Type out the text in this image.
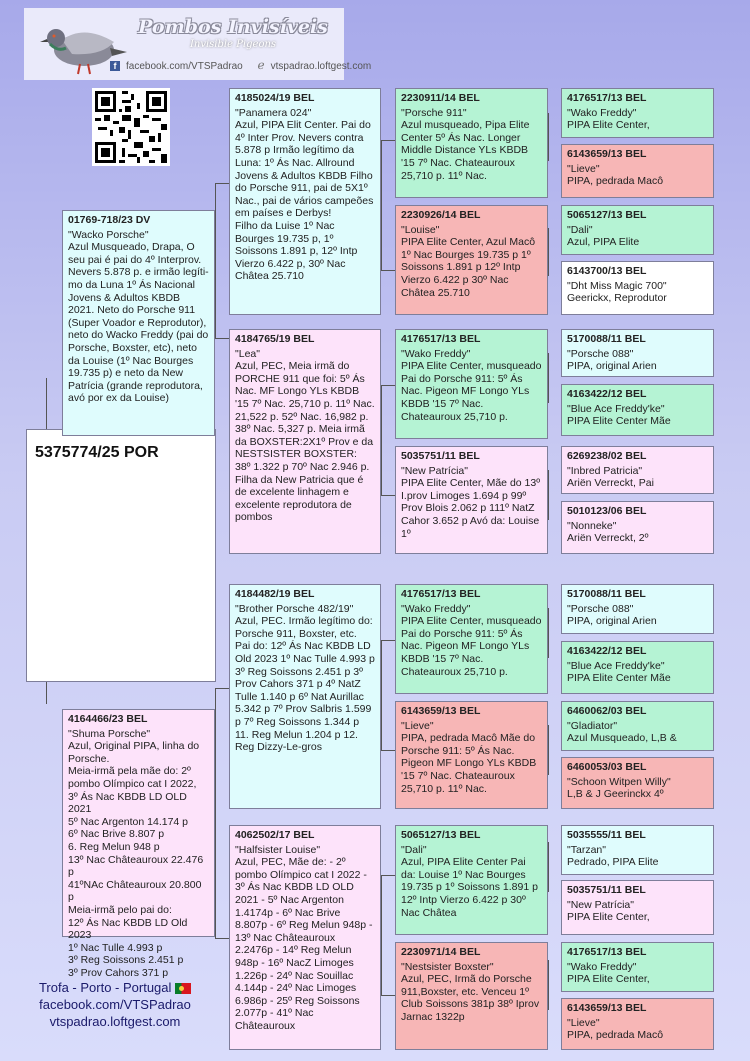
Pombos Invisíveis
Invisible Pigeons
f facebook.com/VTSPadrao ℯ vtspadrao.loftgest.com
5375774/25 POR
01769-718/23 DV
"Wacko Porsche"
Azul Musqueado, Drapa, O seu pai é pai do 4º Interprov. Nevers 5.878 p. e irmão legíti-mo da Luna 1º Ás Nacional Jovens & Adultos KBDB 2021. Neto do Porsche 911 (Super Voador e Reprodutor), neto do Wacko Freddy (pai do Porsche, Boxster, etc), neto da Louise (1º Nac Bourges 19.735 p) e neto da New Patrícia (grande reprodutora, avó por ex da Louise)
4164466/23 BEL
"Shuma Porsche"
Azul, Original PIPA, linha do Porsche.
Meia-irmã pela mãe do: 2º pombo Olímpico cat I 2022,
3º Ás Nac KBDB LD OLD 2021
5º Nac Argenton 14.174 p
6º Nac Brive 8.807 p
6. Reg Melun 948 p
13º Nac Châteauroux 22.476 p
41ºNAc Châteauroux 20.800 p
Meia-irmã pelo pai do:
12º Ás Nac KBDB LD Old 2023
1º Nac Tulle 4.993 p
3º Reg Soissons 2.451 p
3º Prov Cahors 371 p
4185024/19 BEL
"Panamera 024"
Azul, PIPA Elit Center. Pai do 4º Inter Prov. Nevers contra 5.878 p Irmão legítimo da Luna: 1º Ás Nac. Allround Jovens & Adultos KBDB Filho do Porsche 911, pai de 5X1º Nac., pai de vários campeões em países e Derbys!
Filho da Luise 1º Nac Bourges 19.735 p, 1º Soissons 1.891 p, 12º Intp Vierzo 6.422 p, 30º Nac Châtea 25.710
4184765/19 BEL
"Lea"
Azul, PEC, Meia irmã do PORCHE 911 que foi: 5º Ás Nac. MF Longo YLs KBDB '15 7º Nac. 25,710 p. 11º Nac. 21,522 p. 52º Nac. 16,982 p. 38º Nac. 5,327 p. Meia irmã da BOXSTER:2X1º Prov e da NESTSISTER BOXSTER: 38º 1.322 p 70º Nac 2.946 p.
Filha da New Patricia que é de excelente linhagem e excelente reprodutora de pombos
4184482/19 BEL
"Brother Porsche 482/19"
Azul, PEC. Irmão legítimo do: Porsche 911, Boxster, etc.
Pai do: 12º Ás Nac KBDB LD Old 2023 1º Nac Tulle 4.993 p 3º Reg Soissons 2.451 p 3º Prov Cahors 371 p 4º NatZ Tulle 1.140 p 6º Nat Aurillac 5.342 p 7º Prov Salbris 1.599 p 7º Reg Soissons 1.344 p 11. Reg Melun 1.204 p 12. Reg Dizzy-Le-gros
4062502/17 BEL
"Halfsister Louise"
Azul, PEC, Mãe de: - 2º pombo Olímpico cat I 2022 - 3º Ás Nac KBDB LD OLD 2021 - 5º Nac Argenton 1.4174p - 6º Nac Brive 8.807p - 6º Reg Melun 948p - 13º Nac Châteauroux 2.2476p - 14º Reg Melun 948p - 16º NacZ Limoges 1.226p - 24º Nac Souillac 4.144p - 24º Nac Limoges 6.986p - 25º Reg Soissons 2.077p - 41º Nac Châteauroux
2230911/14 BEL
"Porsche 911"
Azul musqueado, Pipa Elite Center 5º Ás Nac. Longer Middle Distance YLs KBDB '15 7º Nac. Chateauroux 25,710 p. 11º Nac.
2230926/14 BEL
"Louise"
PIPA Elite Center, Azul Macô 1º Nac Bourges 19.735 p 1º Soissons 1.891 p 12º Intp Vierzo 6.422 p 30º Nac Châtea 25.710
4176517/13 BEL
"Wako Freddy"
PIPA Elite Center, musqueado Pai do Porsche 911: 5º Ás Nac. Pigeon MF Longo YLs KBDB '15 7º Nac. Chateauroux 25,710 p.
5035751/11 BEL
"New Patrícia"
PIPA Elite Center, Mãe do 13º I.prov Limoges 1.694 p 99º Prov Blois 2.062 p 111º NatZ Cahor 3.652 p Avó da: Louise 1º
4176517/13 BEL
"Wako Freddy"
PIPA Elite Center, musqueado Pai do Porsche 911: 5º Ás Nac. Pigeon MF Longo YLs KBDB '15 7º Nac. Chateauroux 25,710 p.
6143659/13 BEL
"Lieve"
PIPA, pedrada Macô Mãe do Porsche 911: 5º Ás Nac. Pigeon MF Longo YLs KBDB '15 7º Nac. Chateauroux 25,710 p. 11º Nac.
5065127/13 BEL
"Dali"
Azul, PIPA Elite Center Pai da: Louise 1º Nac Bourges 19.735 p 1º Soissons 1.891 p 12º Intp Vierzo 6.422 p 30º Nac Châtea
2230971/14 BEL
"Nestsister Boxster"
Azul, PEC, Irmã do Porsche 911,Boxster, etc. Venceu 1º Club Soissons 381p 38º Iprov Jarnac 1322p
4176517/13 BEL
"Wako Freddy"
PIPA Elite Center,
6143659/13 BEL
"Lieve"
PIPA, pedrada Macô
5065127/13 BEL
"Dali"
Azul, PIPA Elite
6143700/13 BEL
"Dht Miss Magic 700"
Geerickx, Reprodutor
5170088/11 BEL
"Porsche 088"
PIPA, original Arien
4163422/12 BEL
"Blue Ace Freddy'ke"
PIPA Elite Center Mãe
6269238/02 BEL
"Inbred Patricia"
Ariën Verreckt, Pai
5010123/06 BEL
"Nonneke"
Ariën Verreckt, 2º
5170088/11 BEL
"Porsche 088"
PIPA, original Arien
4163422/12 BEL
"Blue Ace Freddy'ke"
PIPA Elite Center Mãe
6460062/03 BEL
"Gladiator"
Azul Musqueado, L,B &
6460053/03 BEL
"Schoon Witpen Willy"
L,B & J Geerinckx 4º
5035555/11 BEL
"Tarzan"
Pedrado, PIPA Elite
5035751/11 BEL
"New Patrícia"
PIPA Elite Center,
4176517/13 BEL
"Wako Freddy"
PIPA Elite Center,
6143659/13 BEL
"Lieve"
PIPA, pedrada Macô
Trofa - Porto - Portugal
facebook.com/VTSPadrao
vtspadrao.loftgest.com
